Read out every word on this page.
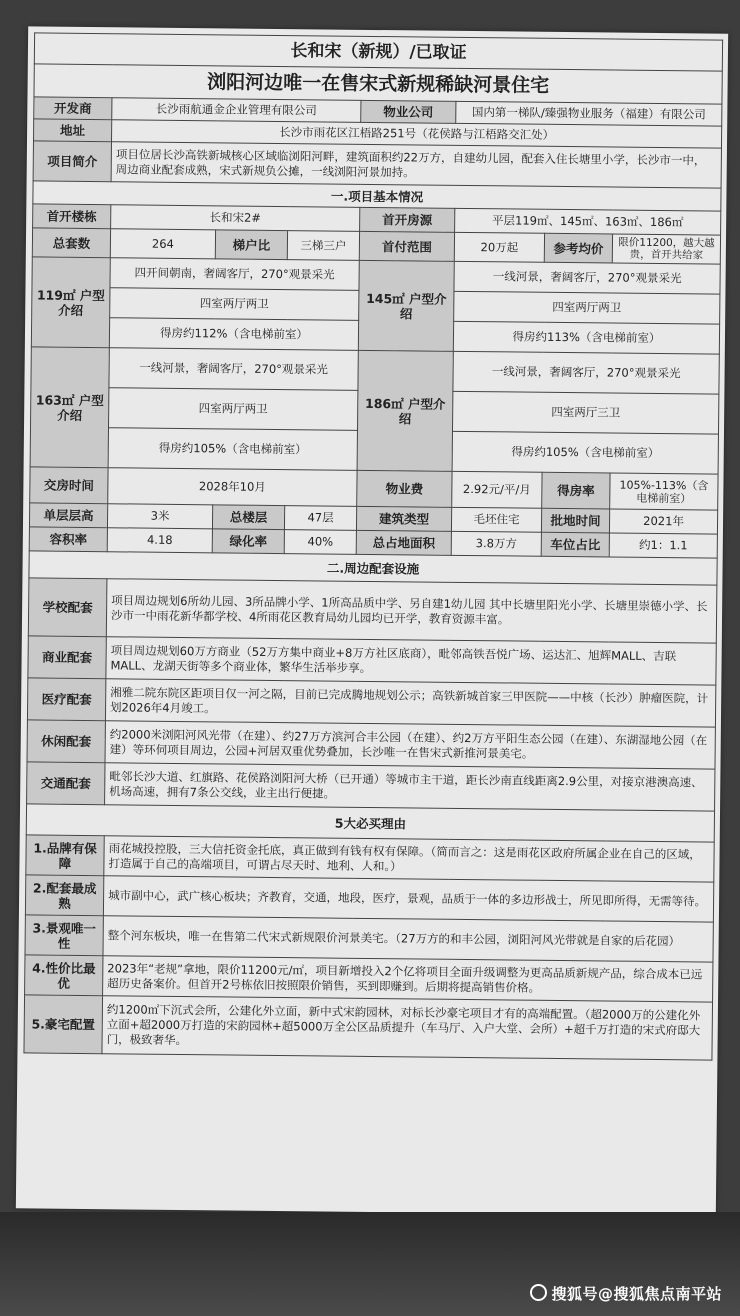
长和宋（新规）/已取证							
浏阳河边唯一在售宋式新规稀缺河景住宅							
开发商	长沙雨航通金企业管理有限公司			物业公司	国内第一梯队/臻强物业服务（福建）有限公司		
地址	长沙市雨花区江梧路251号（花侯路与江梧路交汇处）						
项目简介	项目位居长沙高铁新城核心区域临浏阳河畔，建筑面积约22万方，自建幼儿园，配套入住长塘里小学，长沙市一中，周边商业配套成熟，宋式新规负公摊，一线浏阳河景加持。						
一.项目基本情况							
首开楼栋	长和宋2#			首开房源	平层119㎡、145㎡、163㎡、186㎡		
总套数	264	梯户比	三梯三户	首付范围	20万起	参考均价	限价11200，越大越贵，首开共给家
119㎡ 户型介绍	四开间朝南，奢阔客厅，270°观景采光			145㎡ 户型介绍	一线河景，奢阔客厅，270°观景采光		
	四室两厅两卫				四室两厅两卫		
	得房约112%（含电梯前室）				得房约113%（含电梯前室）		
163㎡ 户型介绍	一线河景，奢阔客厅，270°观景采光			186㎡ 户型介绍	一线河景，奢阔客厅，270°观景采光		
	四室两厅两卫				四室两厅三卫		
	得房约105%（含电梯前室）				得房约105%（含电梯前室）		
交房时间	2028年10月			物业费	2.92元/平/月	得房率	105%-113%（含电梯前室）
单层层高	3米	总楼层	47层	建筑类型	毛坯住宅	批地时间	2021年
容积率	4.18	绿化率	40%	总占地面积	3.8万方	车位占比	约1：1.1
二.周边配套设施							
学校配套	项目周边规划6所幼儿园、3所品牌小学、1所高品质中学、另自建1幼儿园 其中长塘里阳光小学、长塘里崇德小学、长沙市一中雨花新华都学校、4所雨花区教育局幼儿园均已开学，教育资源丰富。						
商业配套	项目周边规划60万方商业（52万方集中商业+8万方社区底商），毗邻高铁吾悦广场、运达汇、旭辉MALL、吉联MALL、龙湖天街等多个商业体，繁华生活举步享。						
医疗配套	湘雅二院东院区距项目仅一河之隔，目前已完成腾地规划公示；高铁新城首家三甲医院——中核（长沙）肿瘤医院，计划2026年4月竣工。						
休闲配套	约2000米浏阳河风光带（在建）、约27万方滨河合丰公园（在建）、约2万方平阳生态公园（在建）、东湖湿地公园（在建）等环伺项目周边，公园+河居双重优势叠加，长沙唯一在售宋式新推河景美宅。						
交通配套	毗邻长沙大道、红旗路、花侯路浏阳河大桥（已开通）等城市主干道，距长沙南直线距离2.9公里，对接京港澳高速、机场高速，拥有7条公交线，业主出行便捷。						
5大必买理由							
1.品牌有保障	雨花城投控股，三大信托资金托底，真正做到有钱有权有保障。（简而言之：这是雨花区政府所属企业在自己的区域，打造属于自己的高端项目，可谓占尽天时、地利、人和。）						
2.配套最成熟	城市副中心，武广核心板块；齐教育，交通，地段，医疗，景观，品质于一体的多边形战士，所见即所得，无需等待。						
3.景观唯一性	整个河东板块，唯一在售第二代宋式新规限价河景美宅。（27万方的和丰公园，浏阳河风光带就是自家的后花园）						
4.性价比最优	2023年“老规”拿地，限价11200元/㎡，项目新增投入2个亿将项目全面升级调整为更高品质新规产品，综合成本已远超历史备案价。但首开2号栋依旧按照限价销售，买到即赚到。后期将提高销售价格。						
5.豪宅配置	约1200㎡下沉式会所，公建化外立面，新中式宋韵园林，对标长沙豪宅项目才有的高端配置。（超2000万的公建化外立面+超2000万打造的宋韵园林+超5000万全公区品质提升（车马厅、入户大堂、会所）+超千万打造的宋式府邸大门，极致奢华。						
搜狐号@搜狐焦点南平站
